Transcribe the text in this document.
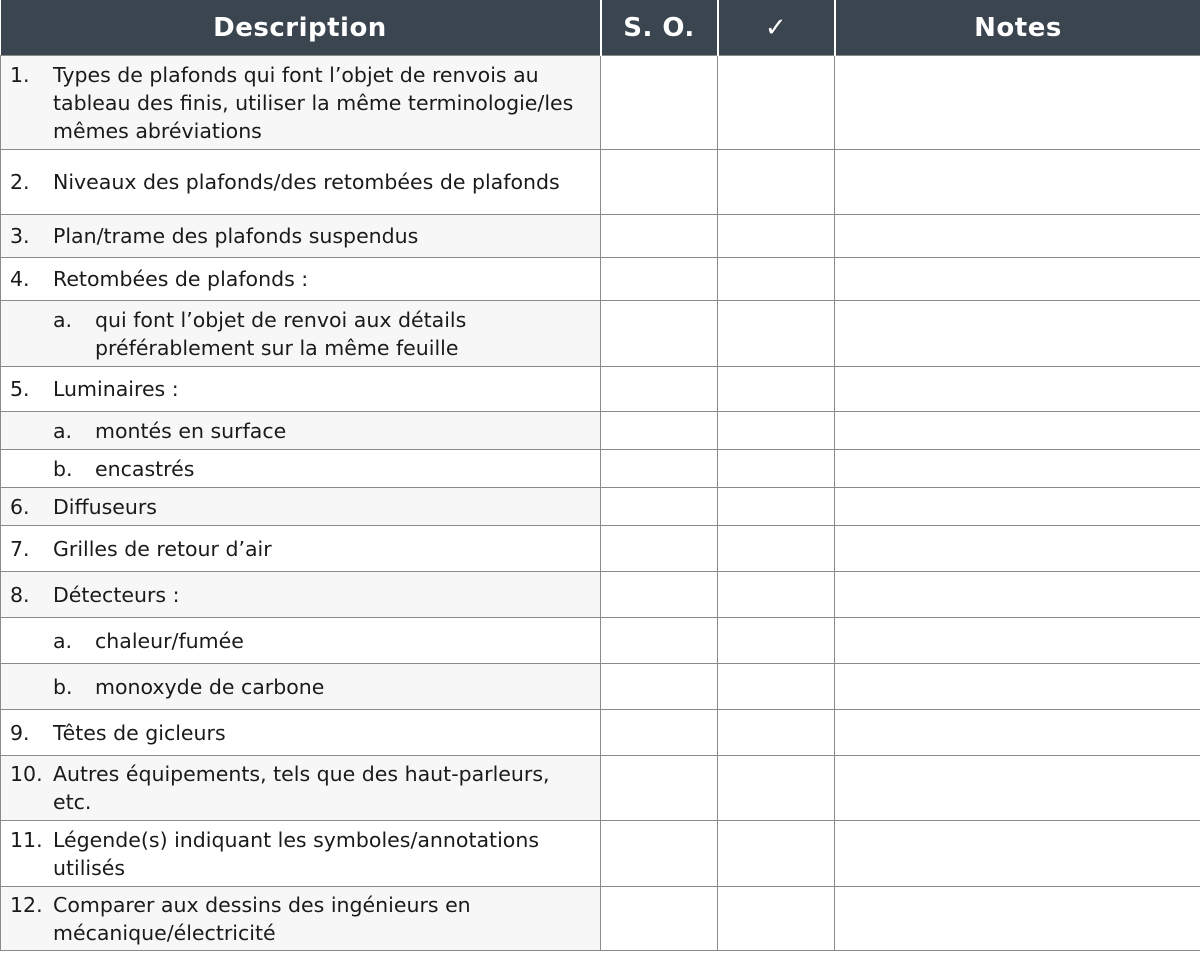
Description	S. O.	✓	Notes

1. Types de plafonds qui font l’objet de renvois au tableau des finis, utiliser la même terminologie/les mêmes abréviations			

2. Niveaux des plafonds/des retombées de plafonds			

3. Plan/trame des plafonds suspendus			

4. Retombées de plafonds :			

a. qui font l’objet de renvoi aux détails préférablement sur la même feuille			

5. Luminaires :			

a. montés en surface			

b. encastrés			

6. Diffuseurs			

7. Grilles de retour d’air			

8. Détecteurs :			

a. chaleur/fumée			

b. monoxyde de carbone			

9. Têtes de gicleurs			

10. Autres équipements, tels que des haut-parleurs, etc.			

11. Légende(s) indiquant les symboles/annotations utilisés			

12. Comparer aux dessins des ingénieurs en mécanique/électricité			
